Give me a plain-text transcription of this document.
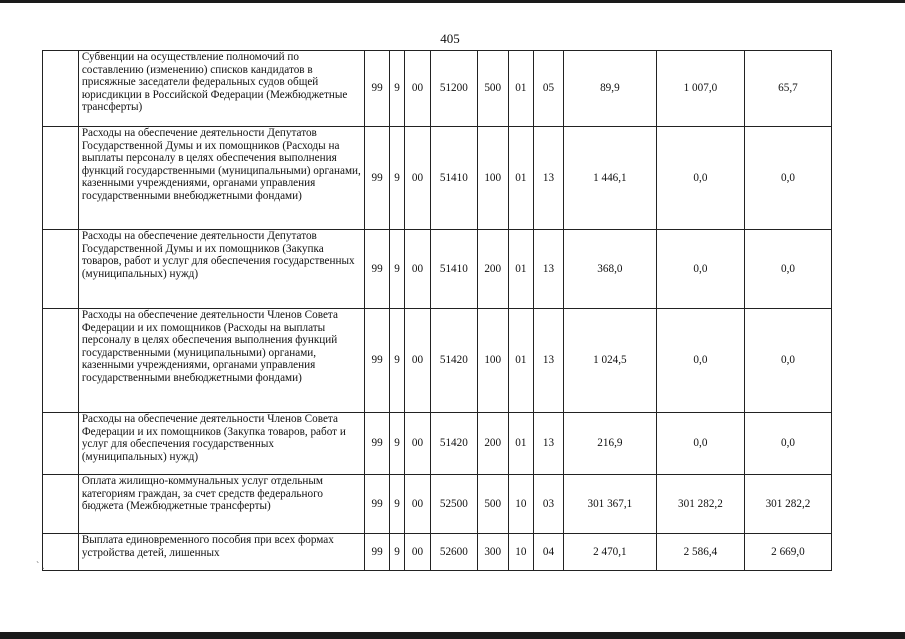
405
	Субвенции на осуществление полномочий по составлению (изменению) списков кандидатов в присяжные заседатели федеральных судов общей юрисдикции в Российской Федерации (Межбюджетные трансферты)	99	9	00	51200	500	01	05	89,9	1 007,0	65,7
	Расходы на обеспечение деятельности Депутатов Государственной Думы и их помощников (Расходы на выплаты персоналу в целях обеспечения выполнения функций государственными (муниципальными) органами, казенными учреждениями, органами управления государственными внебюджетными фондами)	99	9	00	51410	100	01	13	1 446,1	0,0	0,0
	Расходы на обеспечение деятельности Депутатов Государственной Думы и их помощников (Закупка товаров, работ и услуг для обеспечения государственных (муниципальных) нужд)	99	9	00	51410	200	01	13	368,0	0,0	0,0
	Расходы на обеспечение деятельности Членов Совета Федерации и их помощников (Расходы на выплаты персоналу в целях обеспечения выполнения функций государственными (муниципальными) органами, казенными учреждениями, органами управления государственными внебюджетными фондами)	99	9	00	51420	100	01	13	1 024,5	0,0	0,0
	Расходы на обеспечение деятельности Членов Совета Федерации и их помощников (Закупка товаров, работ и услуг для обеспечения государственных (муниципальных) нужд)	99	9	00	51420	200	01	13	216,9	0,0	0,0
	Оплата жилищно-коммунальных услуг отдельным категориям граждан, за счет средств федерального бюджета (Межбюджетные трансферты)	99	9	00	52500	500	10	03	301 367,1	301 282,2	301 282,2
	Выплата единовременного пособия при всех формах устройства детей, лишенных	99	9	00	52600	300	10	04	2 470,1	2 586,4	2 669,0
` .
